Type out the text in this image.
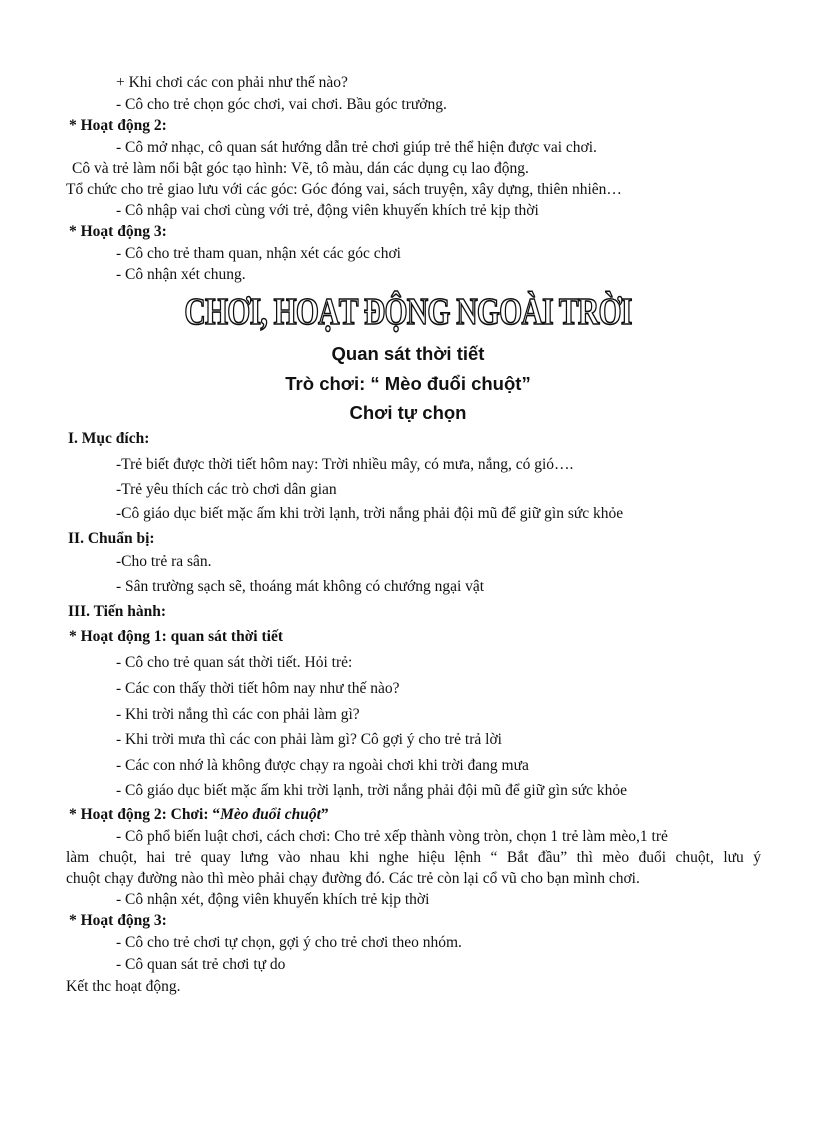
+ Khi chơi các con phải như thế nào?
- Cô cho trẻ chọn góc chơi, vai chơi. Bầu góc trưởng.
* Hoạt động 2:
- Cô mở nhạc, cô quan sát hướng dẫn trẻ chơi giúp trẻ thể hiện được vai chơi.
Cô và trẻ làm nổi bật góc tạo hình: Vẽ, tô màu, dán các dụng cụ lao động.
Tổ chức cho trẻ giao lưu với các góc: Góc đóng vai, sách truyện, xây dựng, thiên nhiên…
- Cô nhập vai chơi cùng với trẻ, động viên khuyến khích trẻ kịp thời
* Hoạt động 3:
- Cô cho trẻ tham quan, nhận xét các góc chơi
- Cô nhận xét chung.
CHƠI, HOẠT ĐỘNG NGOÀI TRỜI
Quan sát thời tiết
Trò chơi: “ Mèo đuổi chuột”
Chơi tự chọn
I. Mục đích:
-Trẻ biết được thời tiết hôm nay: Trời nhiều mây, có mưa, nắng, có gió….
-Trẻ yêu thích các trò chơi dân gian
-Cô giáo dục biết mặc ấm khi trời lạnh, trời nắng phải đội mũ để giữ gìn sức khỏe
II. Chuẩn bị:
-Cho trẻ ra sân.
- Sân trường sạch sẽ, thoáng mát không có chướng ngại vật
III. Tiến hành:
* Hoạt động 1: quan sát thời tiết
- Cô cho trẻ quan sát thời tiết. Hỏi trẻ:
- Các con thấy thời tiết hôm nay như thế nào?
- Khi trời nắng thì các con phải làm gì?
- Khi trời mưa thì các con phải làm gì? Cô gợi ý cho trẻ trả lời
- Các con nhớ là không được chạy ra ngoài chơi khi trời đang mưa
- Cô giáo dục biết mặc ấm khi trời lạnh, trời nắng phải đội mũ để giữ gìn sức khỏe
* Hoạt động 2: Chơi: “Mèo đuổi chuột”
- Cô phổ biến luật chơi, cách chơi: Cho trẻ xếp thành vòng tròn, chọn 1 trẻ làm mèo,1 trẻ
làm chuột, hai trẻ quay lưng vào nhau khi nghe hiệu lệnh “ Bắt đầu” thì mèo đuổi chuột, lưu ý
chuột chạy đường nào thì mèo phải chạy đường đó. Các trẻ còn lại cổ vũ cho bạn mình chơi.
- Cô nhận xét, động viên khuyến khích trẻ kịp thời
* Hoạt động 3:
- Cô cho trẻ chơi tự chọn, gợi ý cho trẻ chơi theo nhóm.
- Cô quan sát trẻ chơi tự do
Kết thc hoạt động.
